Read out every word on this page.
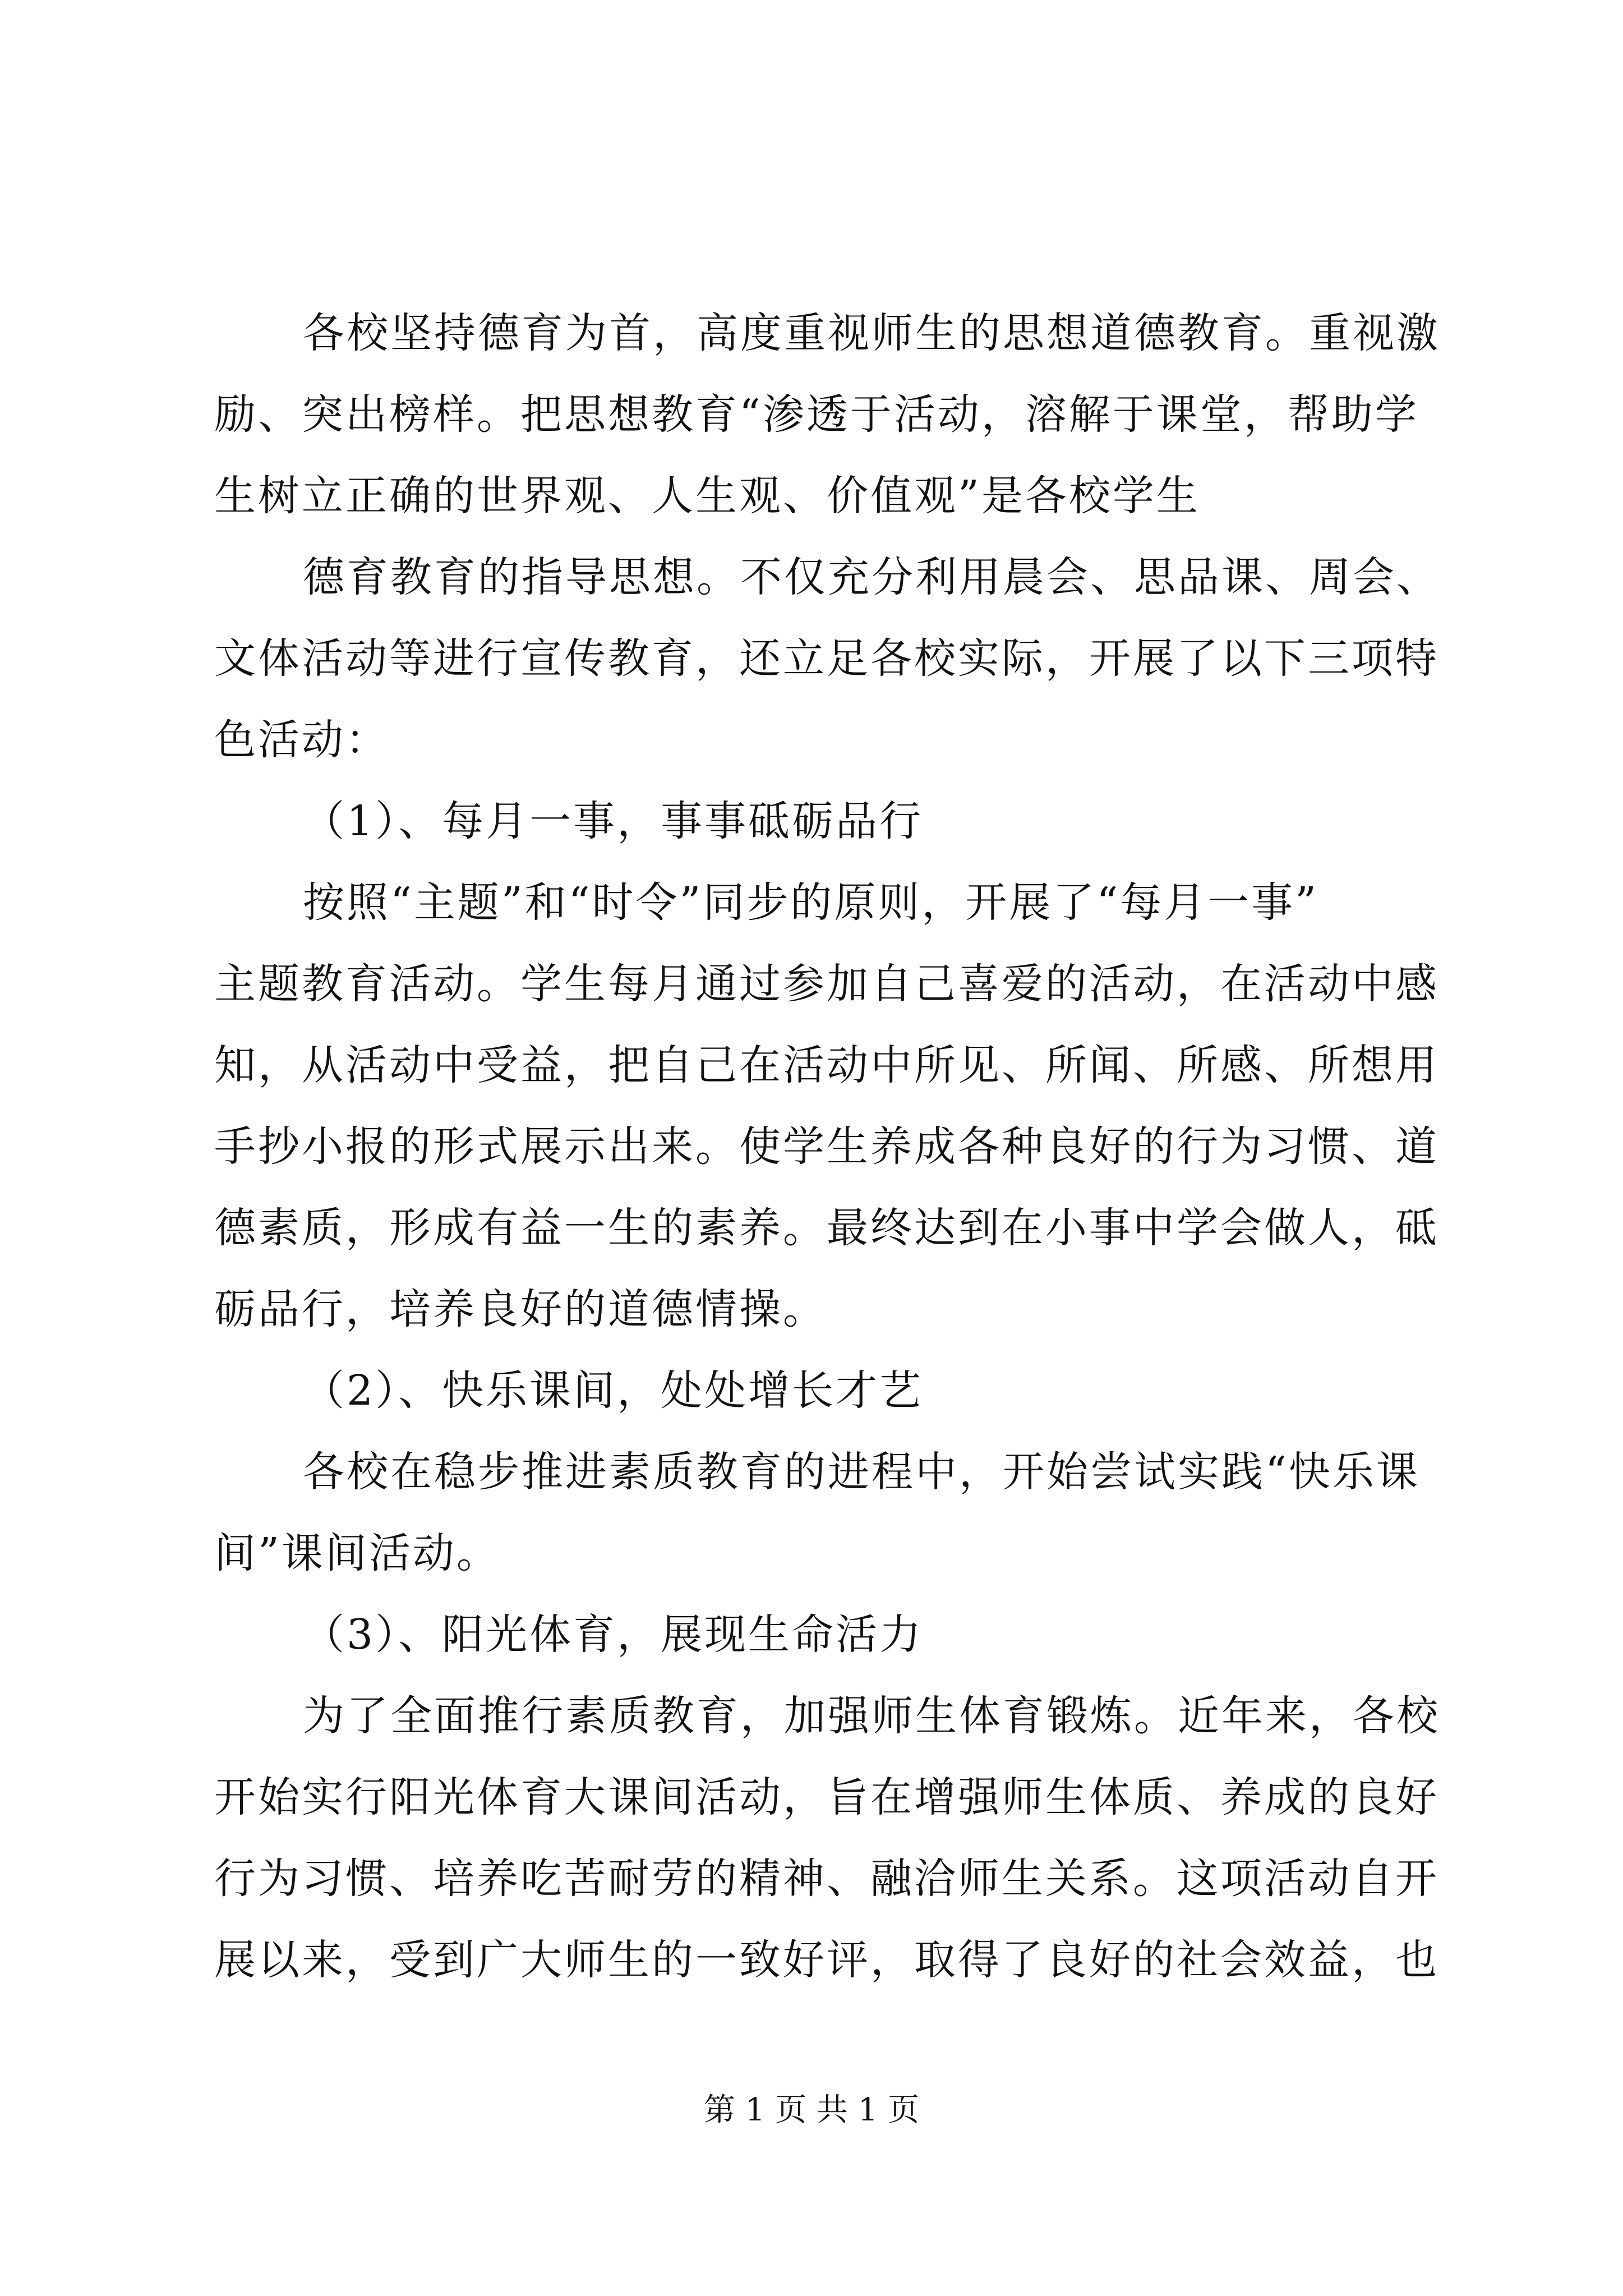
各校坚持德育为首，高度重视师生的思想道德教育。重视激
励、突出榜样。把思想教育“渗透于活动，溶解于课堂，帮助学
生树立正确的世界观、人生观、价值观”是各校学生
德育教育的指导思想。不仅充分利用晨会、思品课、周会、
文体活动等进行宣传教育，还立足各校实际，开展了以下三项特
色活动：
（1）、每月一事，事事砥砺品行
按照“主题”和“时令”同步的原则，开展了“每月一事”
主题教育活动。学生每月通过参加自己喜爱的活动，在活动中感
知，从活动中受益，把自己在活动中所见、所闻、所感、所想用
手抄小报的形式展示出来。使学生养成各种良好的行为习惯、道
德素质，形成有益一生的素养。最终达到在小事中学会做人，砥
砺品行，培养良好的道德情操。
（2）、快乐课间，处处增长才艺
各校在稳步推进素质教育的进程中，开始尝试实践“快乐课
间”课间活动。
（3）、阳光体育，展现生命活力
为了全面推行素质教育，加强师生体育锻炼。近年来，各校
开始实行阳光体育大课间活动，旨在增强师生体质、养成的良好
行为习惯、培养吃苦耐劳的精神、融洽师生关系。这项活动自开
展以来，受到广大师生的一致好评，取得了良好的社会效益，也
第 1 页 共 1 页
